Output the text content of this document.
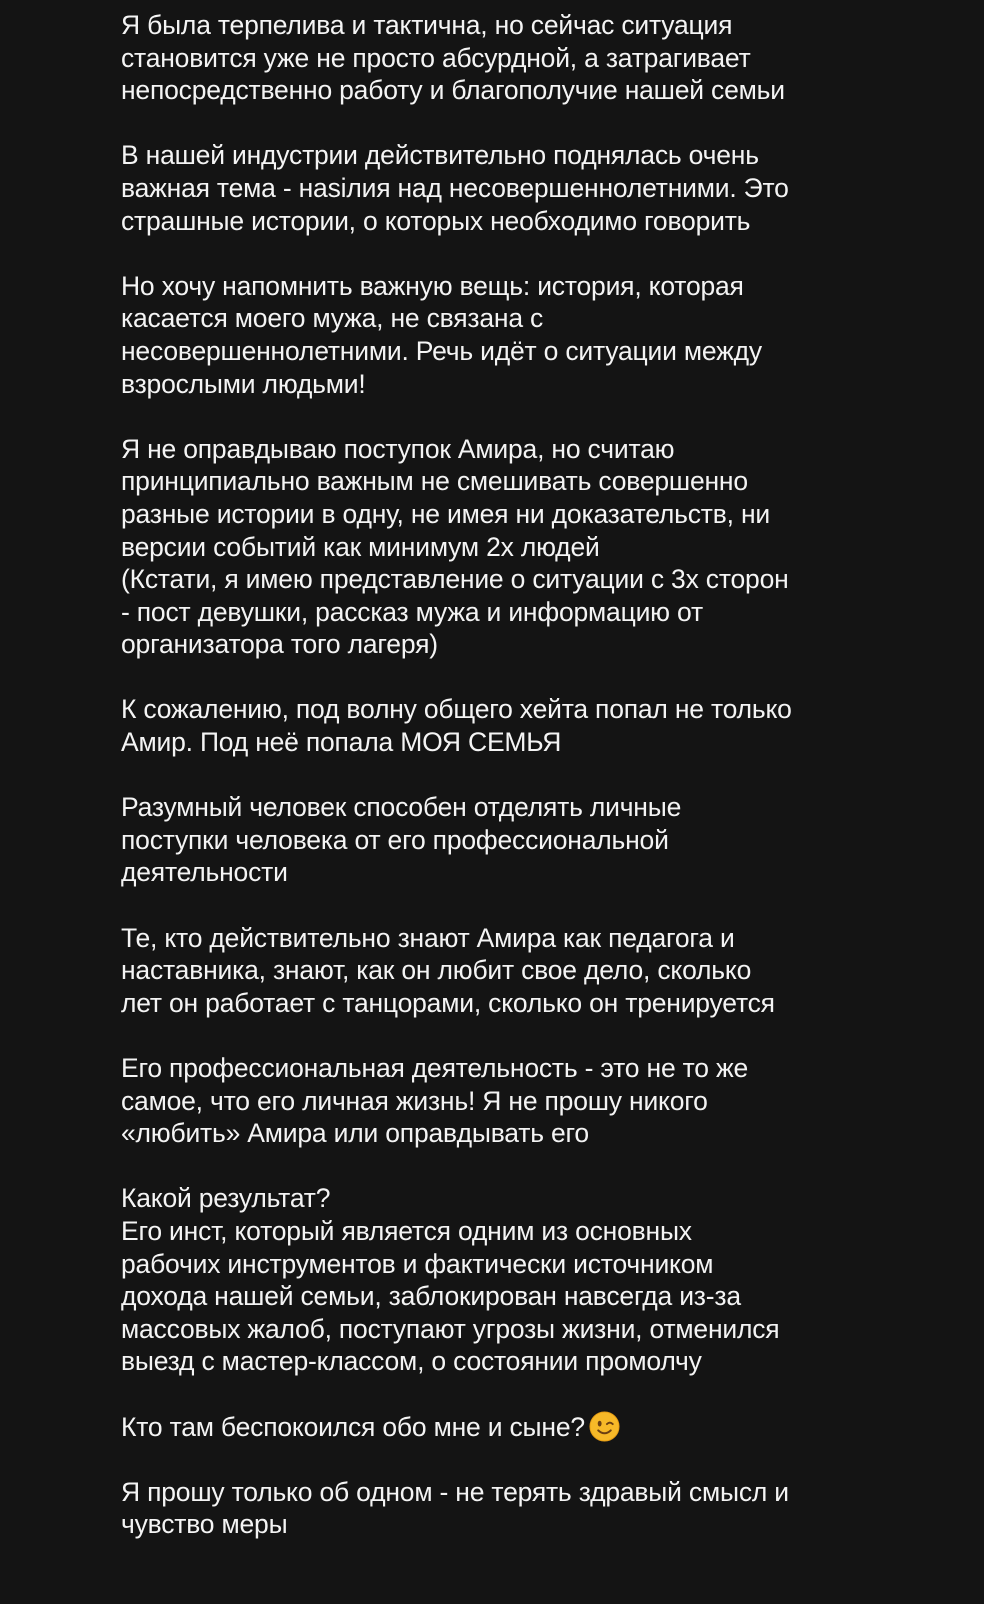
Я была терпелива и тактична, но сейчас ситуация
становится уже не просто абсурдной, а затрагивает
непосредственно работу и благополучие нашей семьи

В нашей индустрии действительно поднялась очень
важная тема - наsiлия над несовершеннолетними. Это
страшные истории, о которых необходимо говорить

Но хочу напомнить важную вещь: история, которая
касается моего мужа, не связана с
несовершеннолетними. Речь идёт о ситуации между
взрослыми людьми!

Я не оправдываю поступок Амира, но считаю
принципиально важным не смешивать совершенно
разные истории в одну, не имея ни доказательств, ни
версии событий как минимум 2х людей
(Кстати, я имею представление о ситуации с 3х сторон
- пост девушки, рассказ мужа и информацию от
организатора того лагеря)

К сожалению, под волну общего хейта попал не только
Амир. Под неё попала МОЯ СЕМЬЯ

Разумный человек способен отделять личные
поступки человека от его профессиональной
деятельности

Те, кто действительно знают Амира как педагога и
наставника, знают, как он любит свое дело, сколько
лет он работает с танцорами, сколько он тренируется

Его профессиональная деятельность - это не то же
самое, что его личная жизнь! Я не прошу никого
«любить» Амира или оправдывать его

Какой результат?
Его инст, который является одним из основных
рабочих инструментов и фактически источником
дохода нашей семьи, заблокирован навсегда из-за
массовых жалоб, поступают угрозы жизни, отменился
выезд с мастер-классом, о состоянии промолчу

Кто там беспокоился обо мне и сыне?

Я прошу только об одном - не терять здравый смысл и
чувство меры
